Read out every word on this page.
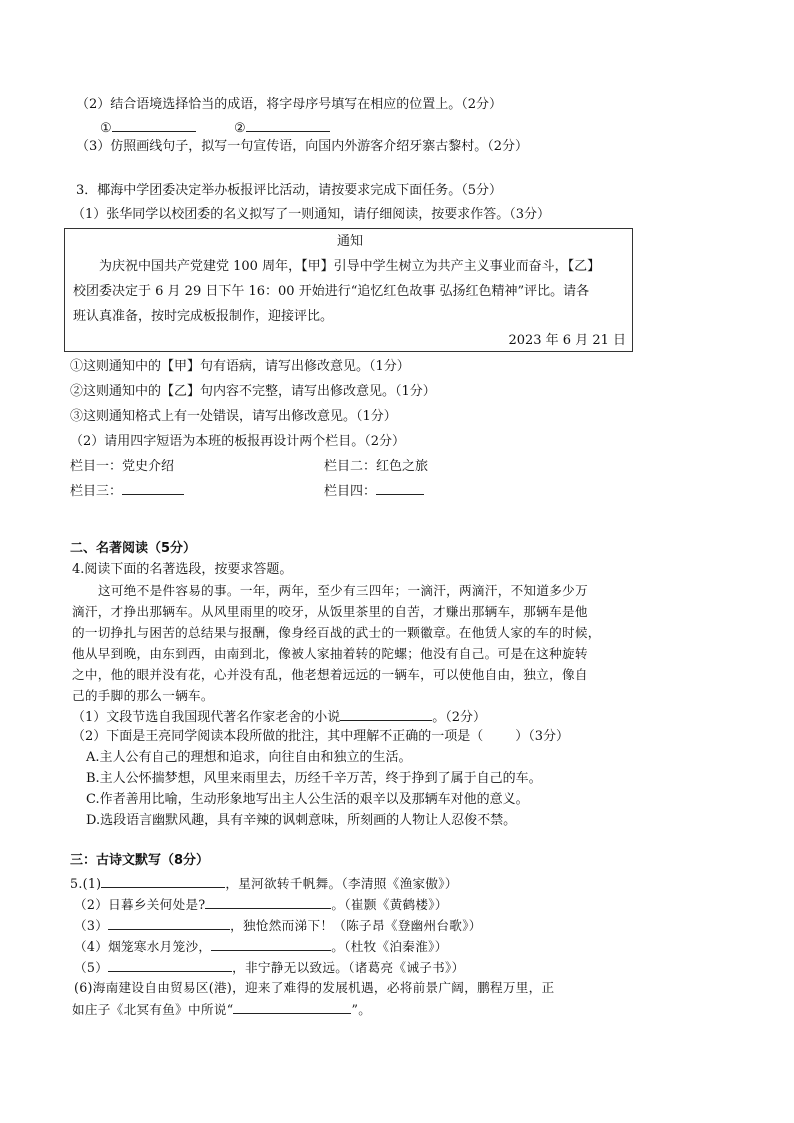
（2）结合语境选择恰当的成语，将字母序号填写在相应的位置上。（2分）
①	②
（3）仿照画线句子，拟写一句宣传语，向国内外游客介绍牙寨古黎村。（2分）
3．椰海中学团委决定举办板报评比活动，请按要求完成下面任务。（5分）
（1）张华同学以校团委的名义拟写了一则通知，请仔细阅读，按要求作答。（3分）
通知
为庆祝中国共产党建党 100 周年，【甲】引导中学生树立为共产主义事业而奋斗，【乙】
校团委决定于 6 月 29 日下午 16：00 开始进行“追忆红色故事 弘扬红色精神”评比。请各
班认真准备，按时完成板报制作，迎接评比。
2023 年 6 月 21 日
①这则通知中的【甲】句有语病，请写出修改意见。（1分）
②这则通知中的【乙】句内容不完整，请写出修改意见。（1分）
③这则通知格式上有一处错误，请写出修改意见。（1分）
（2）请用四字短语为本班的板报再设计两个栏目。（2分）
栏目一：党史介绍	栏目二：红色之旅
栏目三：	栏目四：
二、名著阅读（5分）
4.阅读下面的名著选段，按要求答题。
这可绝不是件容易的事。一年，两年，至少有三四年；一滴汗，两滴汗，不知道多少万
滴汗，才挣出那辆车。从风里雨里的咬牙，从饭里茶里的自苦，才赚出那辆车，那辆车是他
的一切挣扎与困苦的总结果与报酬，像身经百战的武士的一颗徽章。在他赁人家的车的时候，
他从早到晚，由东到西，由南到北，像被人家抽着转的陀螺；他没有自己。可是在这种旋转
之中，他的眼并没有花，心并没有乱，他老想着远远的一辆车，可以使他自由，独立，像自
己的手脚的那么一辆车。
（1）文段节选自我国现代著名作家老舍的小说	。（2分）
（2）下面是王亮同学阅读本段所做的批注，其中理解不正确的一项是（ ）（3分）
A.主人公有自己的理想和追求，向往自由和独立的生活。
B.主人公怀揣梦想，风里来雨里去，历经千辛万苦，终于挣到了属于自己的车。
C.作者善用比喻，生动形象地写出主人公生活的艰辛以及那辆车对他的意义。
D.选段语言幽默风趣，具有辛辣的讽刺意味，所刻画的人物让人忍俊不禁。
三：古诗文默写（8分）
5.(1)	，星河欲转千帆舞。（李清照《渔家傲》）
（2）日暮乡关何处是?	。（崔颢《黄鹤楼》）
（3）	，独怆然而涕下！（陈子昂《登幽州台歌》）
（4）烟笼寒水月笼沙，	。（杜牧《泊秦淮》）
（5）	，非宁静无以致远。（诸葛亮《诫子书》）
(6)海南建设自由贸易区(港)，迎来了难得的发展机遇，必将前景广阔，鹏程万里，正
如庄子《北冥有鱼》中所说“	”。
